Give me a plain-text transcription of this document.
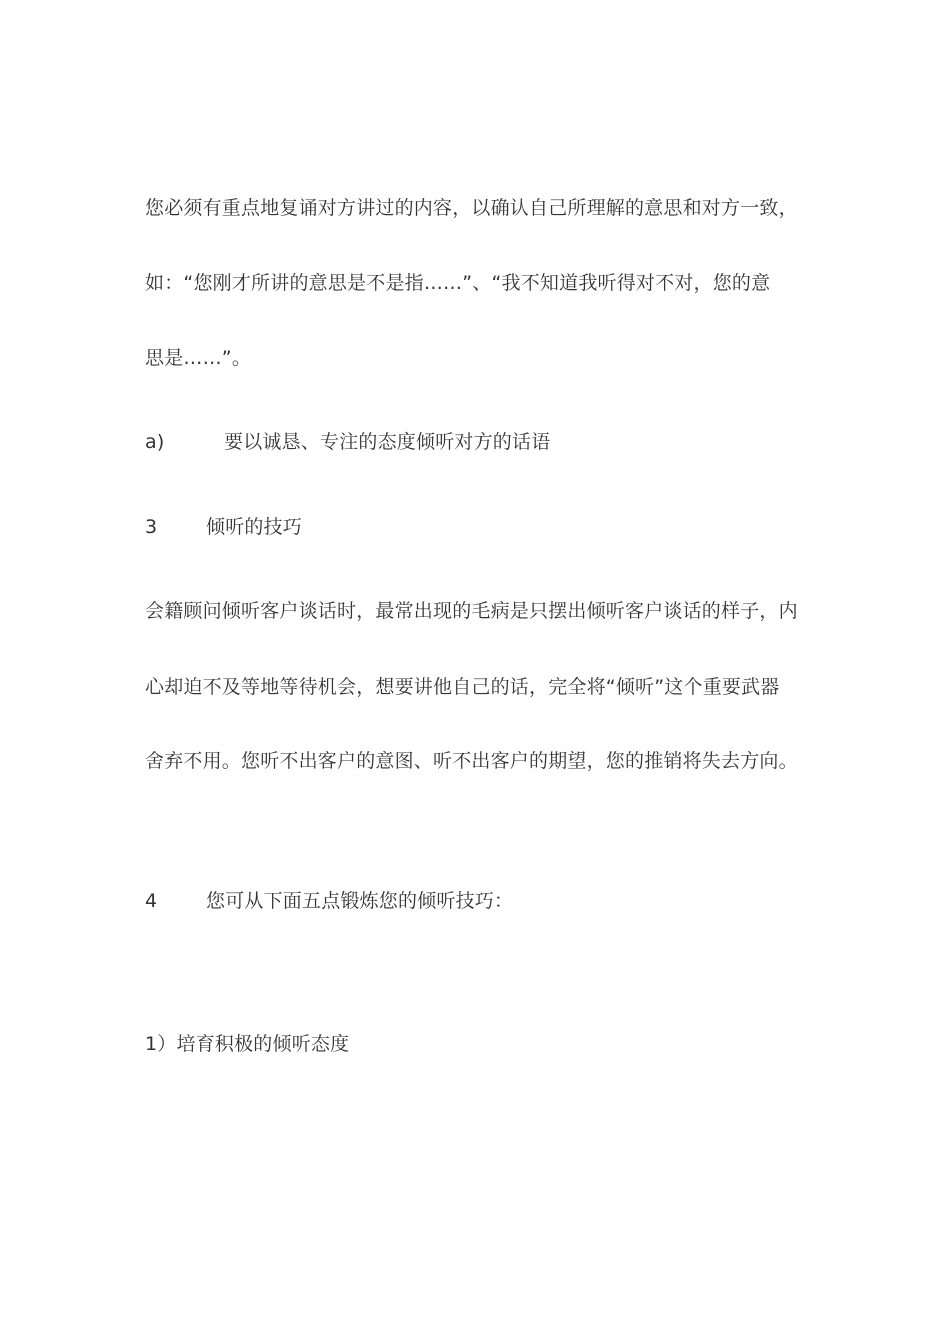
您必须有重点地复诵对方讲过的内容，以确认自己所理解的意思和对方一致，
如：“您刚才所讲的意思是不是指……”、“我不知道我听得对不对，您的意
思是……”。
a)	要以诚恳、专注的态度倾听对方的话语
3	倾听的技巧
会籍顾问倾听客户谈话时，最常出现的毛病是只摆出倾听客户谈话的样子，内
心却迫不及等地等待机会，想要讲他自己的话，完全将“倾听”这个重要武器
舍弃不用。您听不出客户的意图、听不出客户的期望，您的推销将失去方向。
4	您可从下面五点锻炼您的倾听技巧：
1）培育积极的倾听态度
